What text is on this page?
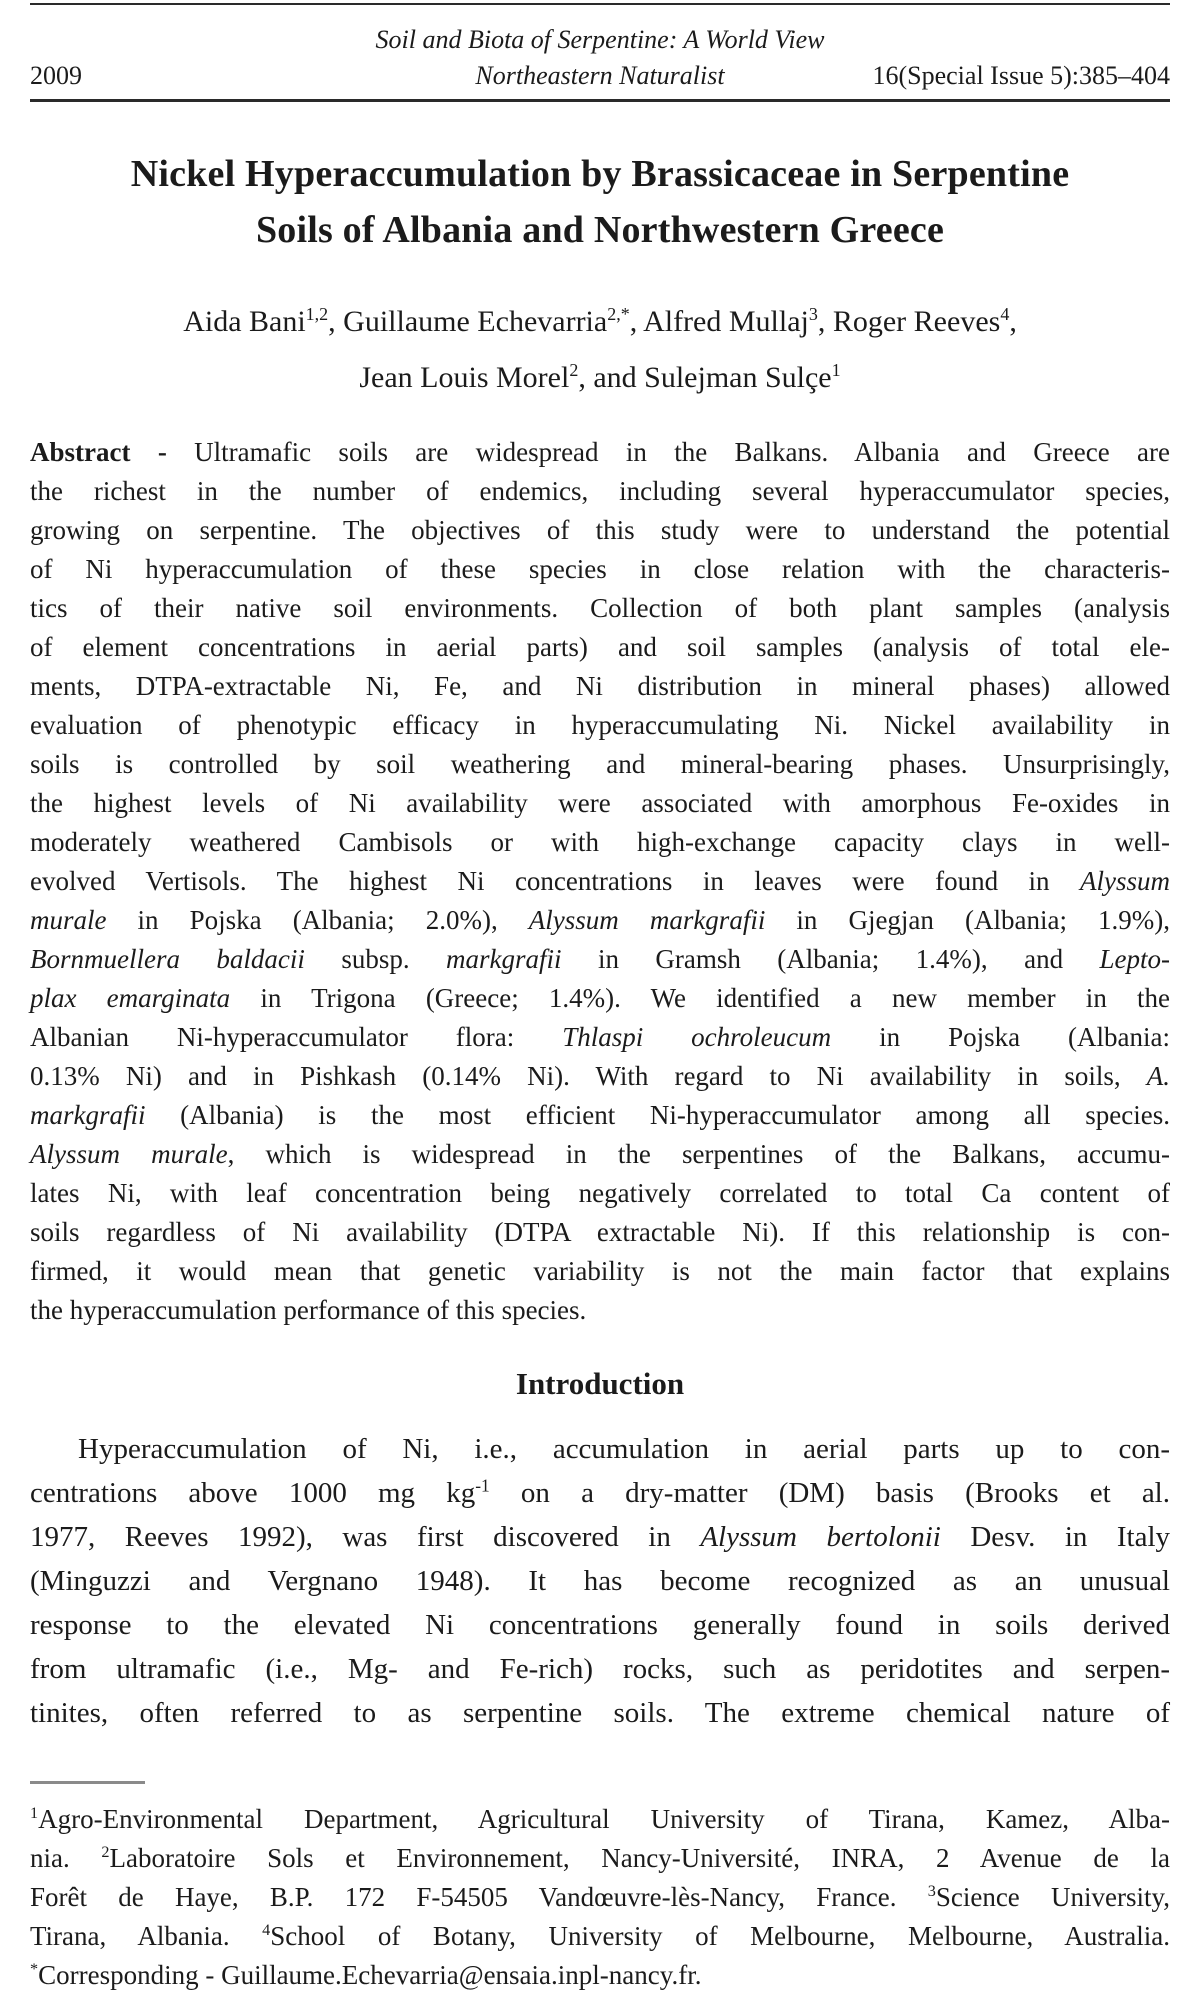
Soil and Biota of Serpentine: A World View
2009	Northeastern Naturalist	16(Special Issue 5):385–404
Nickel Hyperaccumulation by Brassicaceae in Serpentine
Soils of Albania and Northwestern Greece
Aida Bani$^{1,2}$, Guillaume Echevarria$^{2,*}$, Alfred Mullaj$^3$, Roger Reeves$^4$,
Jean Louis Morel$^2$, and Sulejman Sulçe$^1$
Abstract - Ultramafic soils are widespread in the Balkans. Albania and Greece are
the richest in the number of endemics, including several hyperaccumulator species,
growing on serpentine. The objectives of this study were to understand the potential
of Ni hyperaccumulation of these species in close relation with the characteris-
tics of their native soil environments. Collection of both plant samples (analysis
of element concentrations in aerial parts) and soil samples (analysis of total ele-
ments, DTPA-extractable Ni, Fe, and Ni distribution in mineral phases) allowed
evaluation of phenotypic efficacy in hyperaccumulating Ni. Nickel availability in
soils is controlled by soil weathering and mineral-bearing phases. Unsurprisingly,
the highest levels of Ni availability were associated with amorphous Fe-oxides in
moderately weathered Cambisols or with high-exchange capacity clays in well-
evolved Vertisols. The highest Ni concentrations in leaves were found in Alyssum
murale in Pojska (Albania; 2.0%), Alyssum markgrafii in Gjegjan (Albania; 1.9%),
Bornmuellera baldacii subsp. markgrafii in Gramsh (Albania; 1.4%), and Lepto-
plax emarginata in Trigona (Greece; 1.4%). We identified a new member in the
Albanian Ni-hyperaccumulator flora: Thlaspi ochroleucum in Pojska (Albania:
0.13% Ni) and in Pishkash (0.14% Ni). With regard to Ni availability in soils, A.
markgrafii (Albania) is the most efficient Ni-hyperaccumulator among all species.
Alyssum murale, which is widespread in the serpentines of the Balkans, accumu-
lates Ni, with leaf concentration being negatively correlated to total Ca content of
soils regardless of Ni availability (DTPA extractable Ni). If this relationship is con-
firmed, it would mean that genetic variability is not the main factor that explains
the hyperaccumulation performance of this species.
Introduction
Hyperaccumulation of Ni, i.e., accumulation in aerial parts up to con-
centrations above 1000 mg $kg^{-1}$ on a dry-matter (DM) basis (Brooks et al.
1977, Reeves 1992), was first discovered in Alyssum bertolonii Desv. in Italy
(Minguzzi and Vergnano 1948). It has become recognized as an unusual
response to the elevated Ni concentrations generally found in soils derived
from ultramafic (i.e., Mg- and Fe-rich) rocks, such as peridotites and serpen-
tinites, often referred to as serpentine soils. The extreme chemical nature of
$^1$Agro-Environmental Department, Agricultural University of Tirana, Kamez, Alba-
nia. $^2$Laboratoire Sols et Environnement, Nancy-Université, INRA, 2 Avenue de la
Forêt de Haye, B.P. 172 F-54505 Vandœuvre-lès-Nancy, France. $^3$Science University,
Tirana, Albania. $^4$School of Botany, University of Melbourne, Melbourne, Australia.
*Corresponding - Guillaume.Echevarria@ensaia.inpl-nancy.fr.
